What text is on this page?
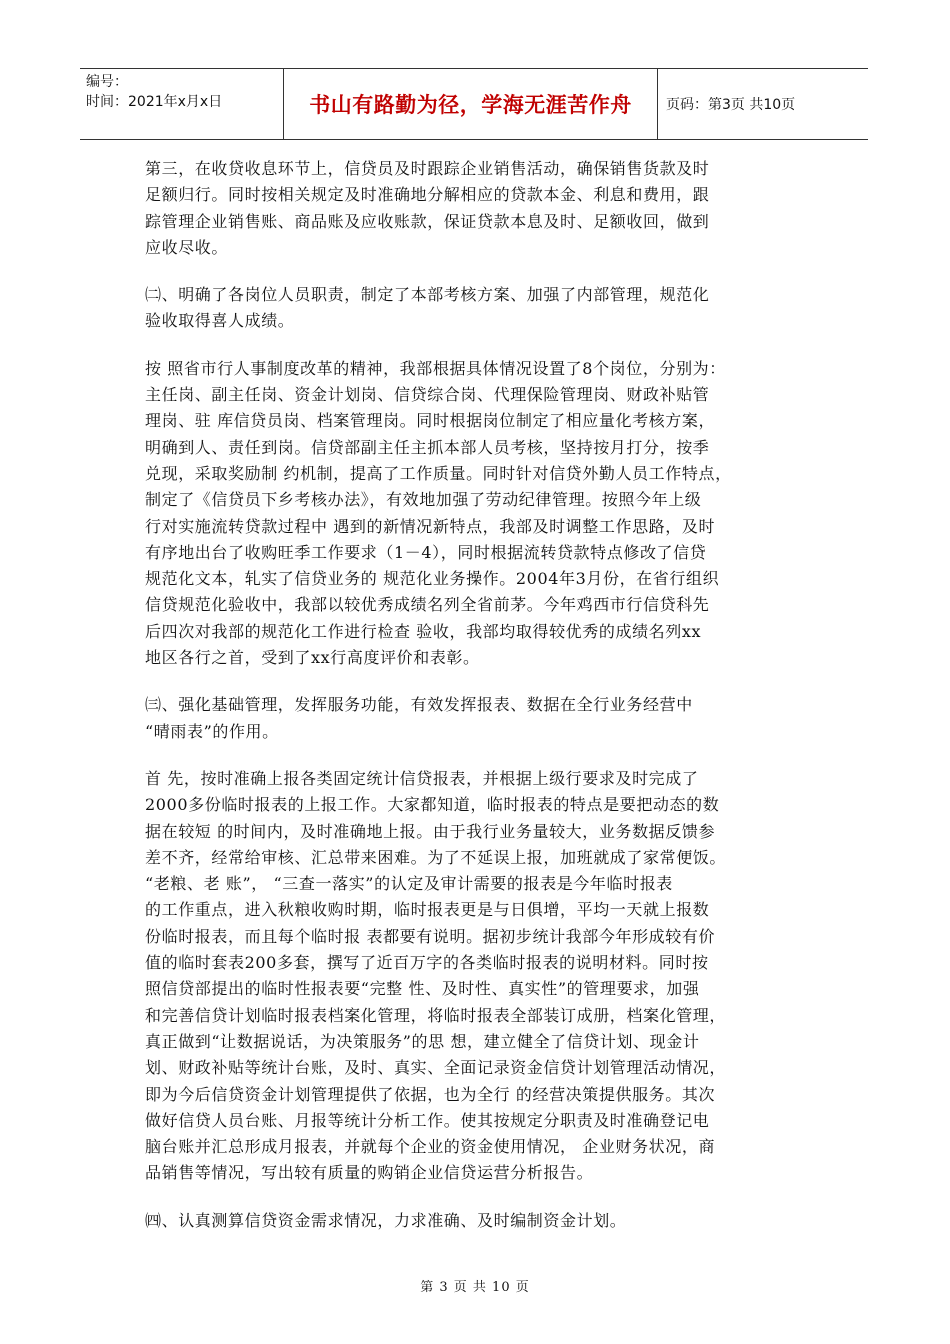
编号：
时间：2021年x月x日	书山有路勤为径，学海无涯苦作舟	页码：第3页 共10页

第三，在收贷收息环节上，信贷员及时跟踪企业销售活动，确保销售货款及时
足额归行。同时按相关规定及时准确地分解相应的贷款本金、利息和费用，跟
踪管理企业销售账、商品账及应收账款，保证贷款本息及时、足额收回，做到
应收尽收。

㈡、明确了各岗位人员职责，制定了本部考核方案、加强了内部管理，规范化
验收取得喜人成绩。

按 照省市行人事制度改革的精神，我部根据具体情况设置了8个岗位，分别为：
主任岗、副主任岗、资金计划岗、信贷综合岗、代理保险管理岗、财政补贴管
理岗、驻 库信贷员岗、档案管理岗。同时根据岗位制定了相应量化考核方案，
明确到人、责任到岗。信贷部副主任主抓本部人员考核，坚持按月打分，按季
兑现，采取奖励制 约机制，提高了工作质量。同时针对信贷外勤人员工作特点，
制定了《信贷员下乡考核办法》，有效地加强了劳动纪律管理。按照今年上级
行对实施流转贷款过程中 遇到的新情况新特点，我部及时调整工作思路，及时
有序地出台了收购旺季工作要求（1－4），同时根据流转贷款特点修改了信贷
规范化文本，轧实了信贷业务的 规范化业务操作。2004年3月份，在省行组织
信贷规范化验收中，我部以较优秀成绩名列全省前茅。今年鸡西市行信贷科先
后四次对我部的规范化工作进行检查 验收，我部均取得较优秀的成绩名列xx
地区各行之首，受到了xx行高度评价和表彰。

㈢、强化基础管理，发挥服务功能，有效发挥报表、数据在全行业务经营中
“晴雨表”的作用。

首 先，按时准确上报各类固定统计信贷报表，并根据上级行要求及时完成了
2000多份临时报表的上报工作。大家都知道，临时报表的特点是要把动态的数
据在较短 的时间内，及时准确地上报。由于我行业务量较大，业务数据反馈参
差不齐，经常给审核、汇总带来困难。为了不延误上报，加班就成了家常便饭。
“老粮、老 账”， “三查一落实”的认定及审计需要的报表是今年临时报表
的工作重点，进入秋粮收购时期，临时报表更是与日俱增，平均一天就上报数
份临时报表，而且每个临时报 表都要有说明。据初步统计我部今年形成较有价
值的临时套表200多套，撰写了近百万字的各类临时报表的说明材料。同时按
照信贷部提出的临时性报表要“完整 性、及时性、真实性”的管理要求，加强
和完善信贷计划临时报表档案化管理，将临时报表全部装订成册，档案化管理，
真正做到“让数据说话，为决策服务”的思 想，建立健全了信贷计划、现金计
划、财政补贴等统计台账，及时、真实、全面记录资金信贷计划管理活动情况，
即为今后信贷资金计划管理提供了依据，也为全行 的经营决策提供服务。其次
做好信贷人员台账、月报等统计分析工作。使其按规定分职责及时准确登记电
脑台账并汇总形成月报表，并就每个企业的资金使用情况， 企业财务状况，商
品销售等情况，写出较有质量的购销企业信贷运营分析报告。

㈣、认真测算信贷资金需求情况，力求准确、及时编制资金计划。

第 3 页 共 10 页
